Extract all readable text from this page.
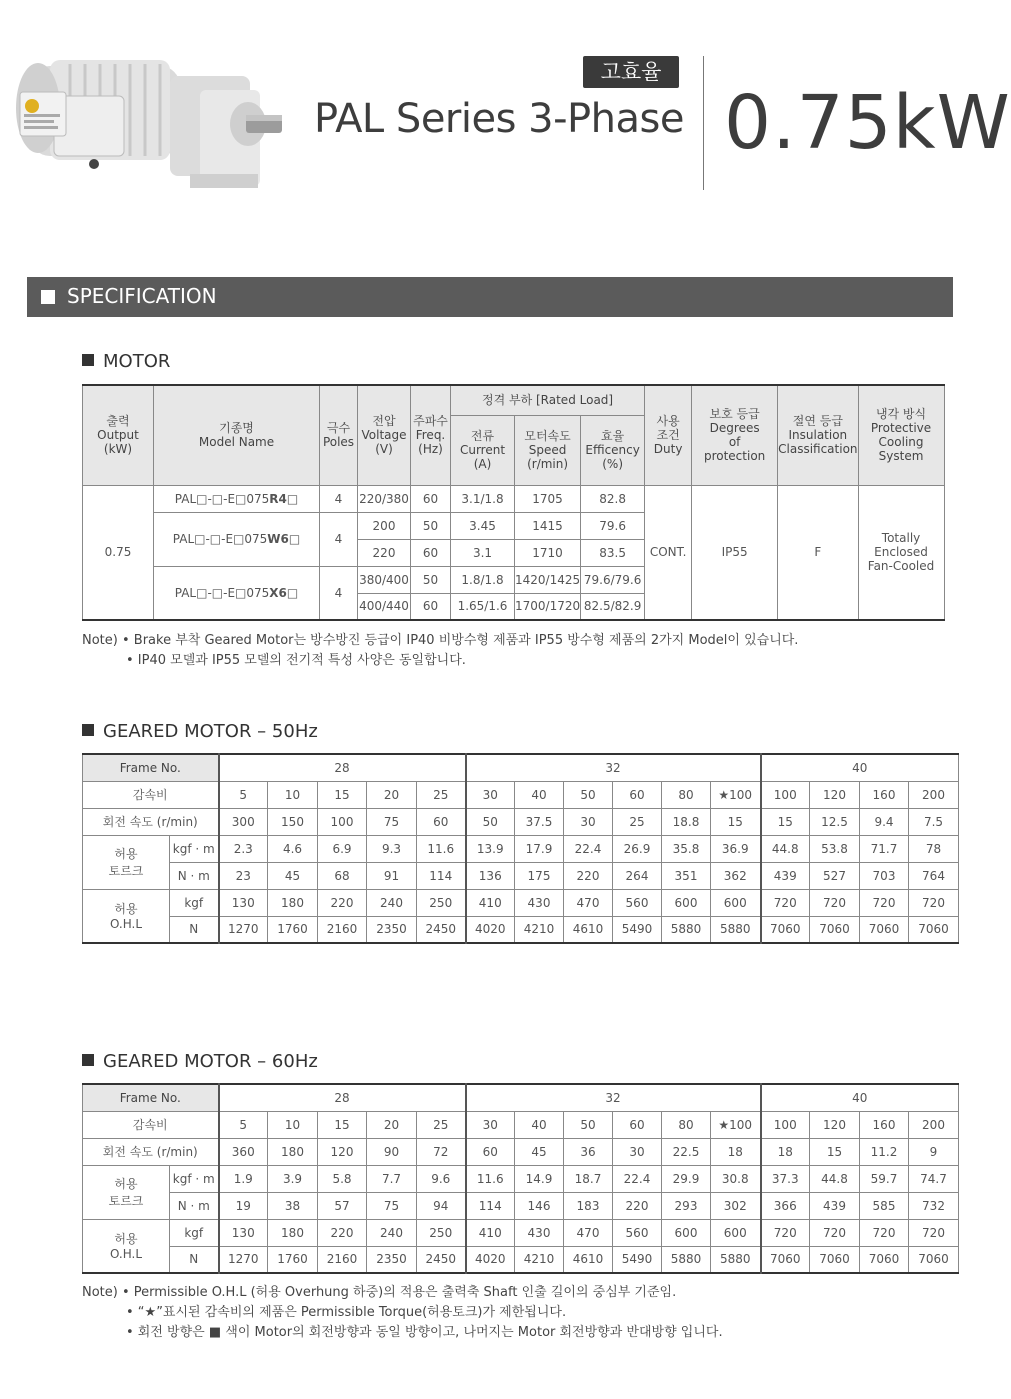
고효율
PAL Series 3-Phase 0.75kW
SPECIFICATION
MOTOR
출력
Output
(kW)	기종명
Model Name	극수
Poles	전압
Voltage
(V)	주파수
Freq.
(Hz)	정격 부하 [Rated Load]			사용
조건
Duty	보호 등급
Degrees
of
protection	절연 등급
Insulation
Classification	냉각 방식
Protective
Cooling
System
					전류
Current
(A)	모터속도
Speed
(r/min)	효율
Efficency
(%)				
0.75	PAL□-□-E□075R4□	4	220/380	60	3.1/1.8	1705	82.8	CONT.	IP55	F	Totally
Enclosed
Fan-Cooled
	PAL□-□-E□075W6□	4	200	50	3.45	1415	79.6				
			220	60	3.1	1710	83.5				
	PAL□-□-E□075X6□	4	380/400	50	1.8/1.8	1420/1425	79.6/79.6				
			400/440	60	1.65/1.6	1700/1720	82.5/82.9				
Note) • Brake 부착 Geared Motor는 방수방진 등급이 IP40 비방수형 제품과 IP55 방수형 제품의 2가지 Model이 있습니다.
• IP40 모델과 IP55 모델의 전기적 특성 사양은 동일합니다.
GEARED MOTOR – 50Hz
Frame No.		28					32						40			
감속비		5	10	15	20	25	30	40	50	60	80	★100	100	120	160	200
회전 속도 (r/min)		300	150	100	75	60	50	37.5	30	25	18.8	15	15	12.5	9.4	7.5
허용
토르크	kgf · m	2.3	4.6	6.9	9.3	11.6	13.9	17.9	22.4	26.9	35.8	36.9	44.8	53.8	71.7	78
	N · m	23	45	68	91	114	136	175	220	264	351	362	439	527	703	764
허용
O.H.L	kgf	130	180	220	240	250	410	430	470	560	600	600	720	720	720	720
	N	1270	1760	2160	2350	2450	4020	4210	4610	5490	5880	5880	7060	7060	7060	7060
GEARED MOTOR – 60Hz
Frame No.		28					32						40			
감속비		5	10	15	20	25	30	40	50	60	80	★100	100	120	160	200
회전 속도 (r/min)		360	180	120	90	72	60	45	36	30	22.5	18	18	15	11.2	9
허용
토르크	kgf · m	1.9	3.9	5.8	7.7	9.6	11.6	14.9	18.7	22.4	29.9	30.8	37.3	44.8	59.7	74.7
	N · m	19	38	57	75	94	114	146	183	220	293	302	366	439	585	732
허용
O.H.L	kgf	130	180	220	240	250	410	430	470	560	600	600	720	720	720	720
	N	1270	1760	2160	2350	2450	4020	4210	4610	5490	5880	5880	7060	7060	7060	7060
Note) • Permissible O.H.L (허용 Overhung 하중)의 적용은 출력축 Shaft 인출 길이의 중심부 기준임.
• “★”표시된 감속비의 제품은 Permissible Torque(허용토크)가 제한됩니다.
• 회전 방향은 ■ 색이 Motor의 회전방향과 동일 방향이고, 나머지는 Motor 회전방향과 반대방향 입니다.
